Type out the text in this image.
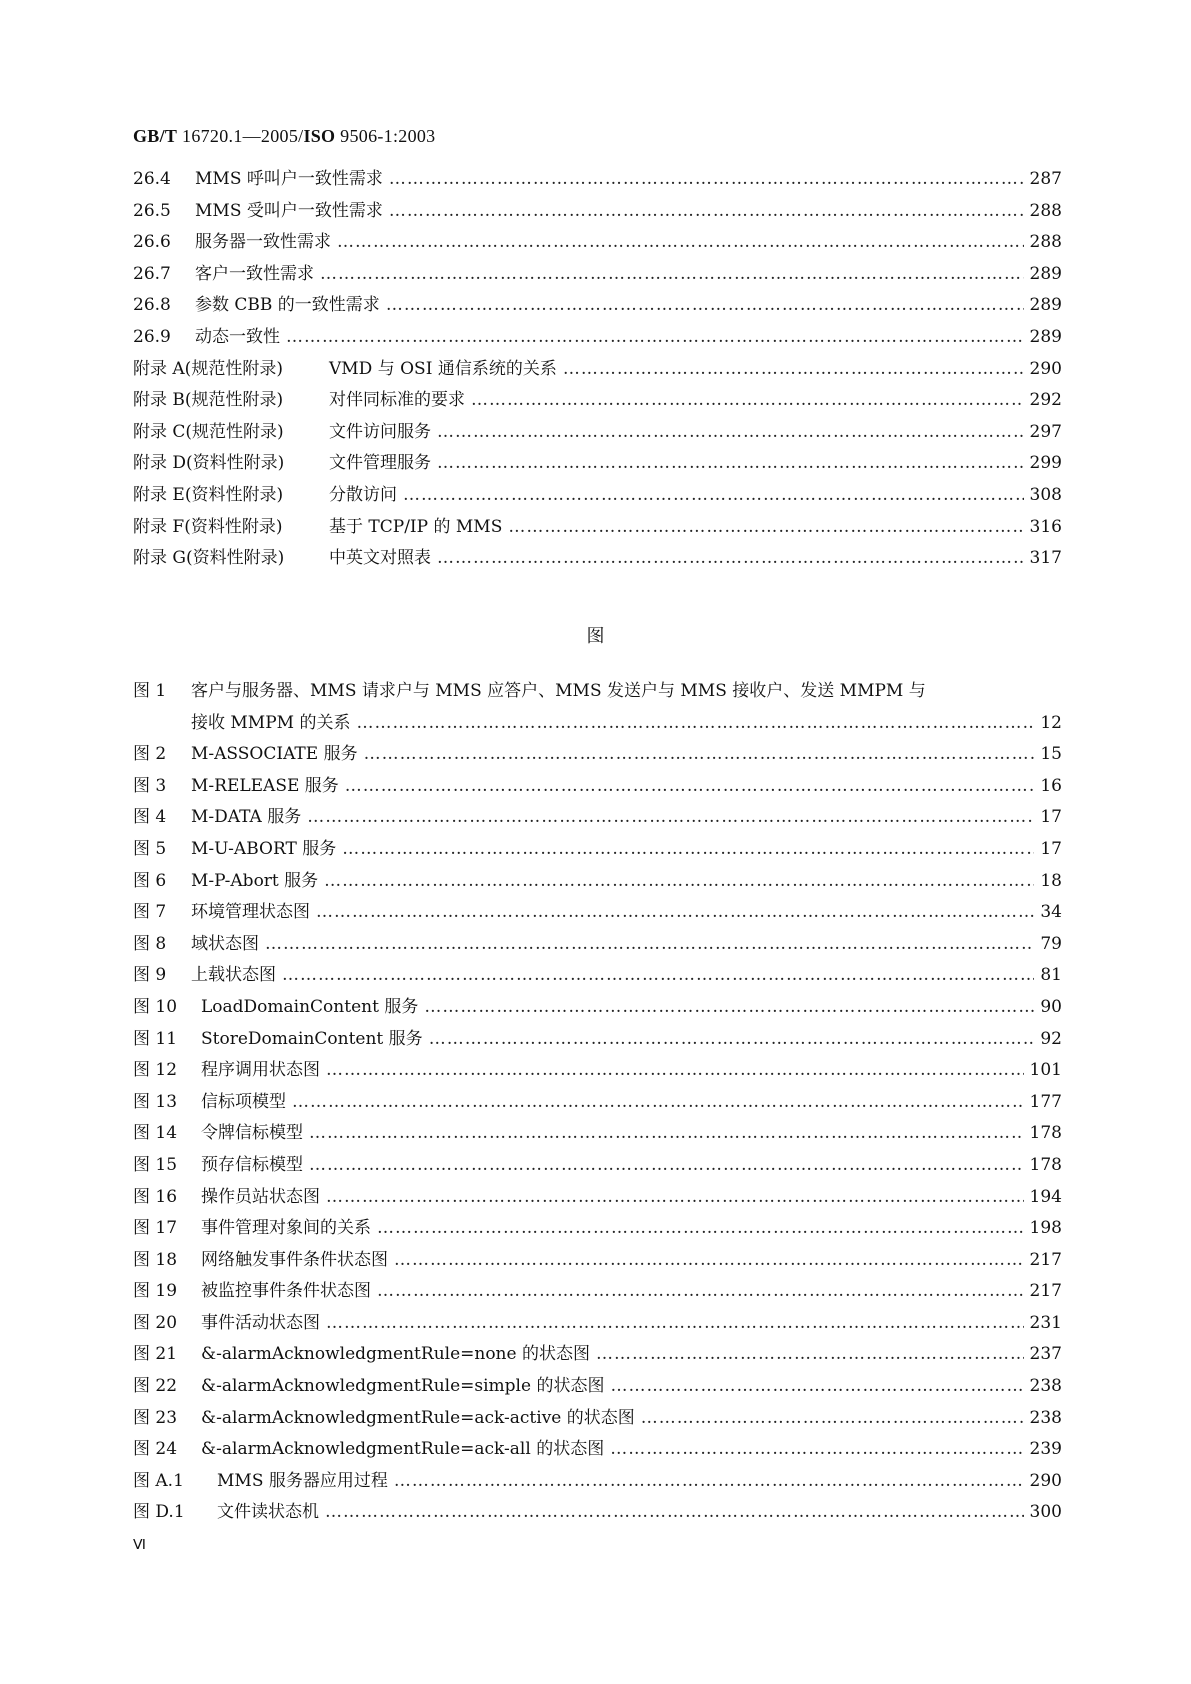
GB/T 16720.1—2005/ISO 9506-1:2003
26.4	MMS 呼叫户一致性需求 ……………………………………………………………………………………………………………………………………………………………………………………………………	287
26.5	MMS 受叫户一致性需求 ……………………………………………………………………………………………………………………………………………………………………………………………………	288
26.6	服务器一致性需求 ……………………………………………………………………………………………………………………………………………………………………………………………………	288
26.7	客户一致性需求 ……………………………………………………………………………………………………………………………………………………………………………………………………	289
26.8	参数 CBB 的一致性需求 ……………………………………………………………………………………………………………………………………………………………………………………………………	289
26.9	动态一致性 ……………………………………………………………………………………………………………………………………………………………………………………………………	289
附录 A(规范性附录)	VMD 与 OSI 通信系统的关系 ……………………………………………………………………………………………………………………………………………………………………………………………………	290
附录 B(规范性附录)	对伴同标准的要求 ……………………………………………………………………………………………………………………………………………………………………………………………………	292
附录 C(规范性附录)	文件访问服务 ……………………………………………………………………………………………………………………………………………………………………………………………………	297
附录 D(资料性附录)	文件管理服务 ……………………………………………………………………………………………………………………………………………………………………………………………………	299
附录 E(资料性附录)	分散访问 ……………………………………………………………………………………………………………………………………………………………………………………………………	308
附录 F(资料性附录)	基于 TCP/IP 的 MMS ……………………………………………………………………………………………………………………………………………………………………………………………………	316
附录 G(资料性附录)	中英文对照表 ……………………………………………………………………………………………………………………………………………………………………………………………………	317
图
图 1	客户与服务器、MMS 请求户与 MMS 应答户、MMS 发送户与 MMS 接收户、发送 MMPM 与
接收 MMPM 的关系 ……………………………………………………………………………………………………………………………………………………………………………………………………	12
图 2	M-ASSOCIATE 服务 ……………………………………………………………………………………………………………………………………………………………………………………………………	15
图 3	M-RELEASE 服务 ……………………………………………………………………………………………………………………………………………………………………………………………………	16
图 4	M-DATA 服务 ……………………………………………………………………………………………………………………………………………………………………………………………………	17
图 5	M-U-ABORT 服务 ……………………………………………………………………………………………………………………………………………………………………………………………………	17
图 6	M-P-Abort 服务 ……………………………………………………………………………………………………………………………………………………………………………………………………	18
图 7	环境管理状态图 ……………………………………………………………………………………………………………………………………………………………………………………………………	34
图 8	域状态图 ……………………………………………………………………………………………………………………………………………………………………………………………………	79
图 9	上载状态图 ……………………………………………………………………………………………………………………………………………………………………………………………………	81
图 10	LoadDomainContent 服务 ……………………………………………………………………………………………………………………………………………………………………………………………………	90
图 11	StoreDomainContent 服务 ……………………………………………………………………………………………………………………………………………………………………………………………………	92
图 12	程序调用状态图 ……………………………………………………………………………………………………………………………………………………………………………………………………	101
图 13	信标项模型 ……………………………………………………………………………………………………………………………………………………………………………………………………	177
图 14	令牌信标模型 ……………………………………………………………………………………………………………………………………………………………………………………………………	178
图 15	预存信标模型 ……………………………………………………………………………………………………………………………………………………………………………………………………	178
图 16	操作员站状态图 ……………………………………………………………………………………………………………………………………………………………………………………………………	194
图 17	事件管理对象间的关系 ……………………………………………………………………………………………………………………………………………………………………………………………………	198
图 18	网络触发事件条件状态图 ……………………………………………………………………………………………………………………………………………………………………………………………………	217
图 19	被监控事件条件状态图 ……………………………………………………………………………………………………………………………………………………………………………………………………	217
图 20	事件活动状态图 ……………………………………………………………………………………………………………………………………………………………………………………………………	231
图 21	&-alarmAcknowledgmentRule=none 的状态图 ……………………………………………………………………………………………………………………………………………………………………………………………………	237
图 22	&-alarmAcknowledgmentRule=simple 的状态图 ……………………………………………………………………………………………………………………………………………………………………………………………………	238
图 23	&-alarmAcknowledgmentRule=ack-active 的状态图 ……………………………………………………………………………………………………………………………………………………………………………………………………	238
图 24	&-alarmAcknowledgmentRule=ack-all 的状态图 ……………………………………………………………………………………………………………………………………………………………………………………………………	239
图 A.1	MMS 服务器应用过程 ……………………………………………………………………………………………………………………………………………………………………………………………………	290
图 D.1	文件读状态机 ……………………………………………………………………………………………………………………………………………………………………………………………………	300
Ⅵ
